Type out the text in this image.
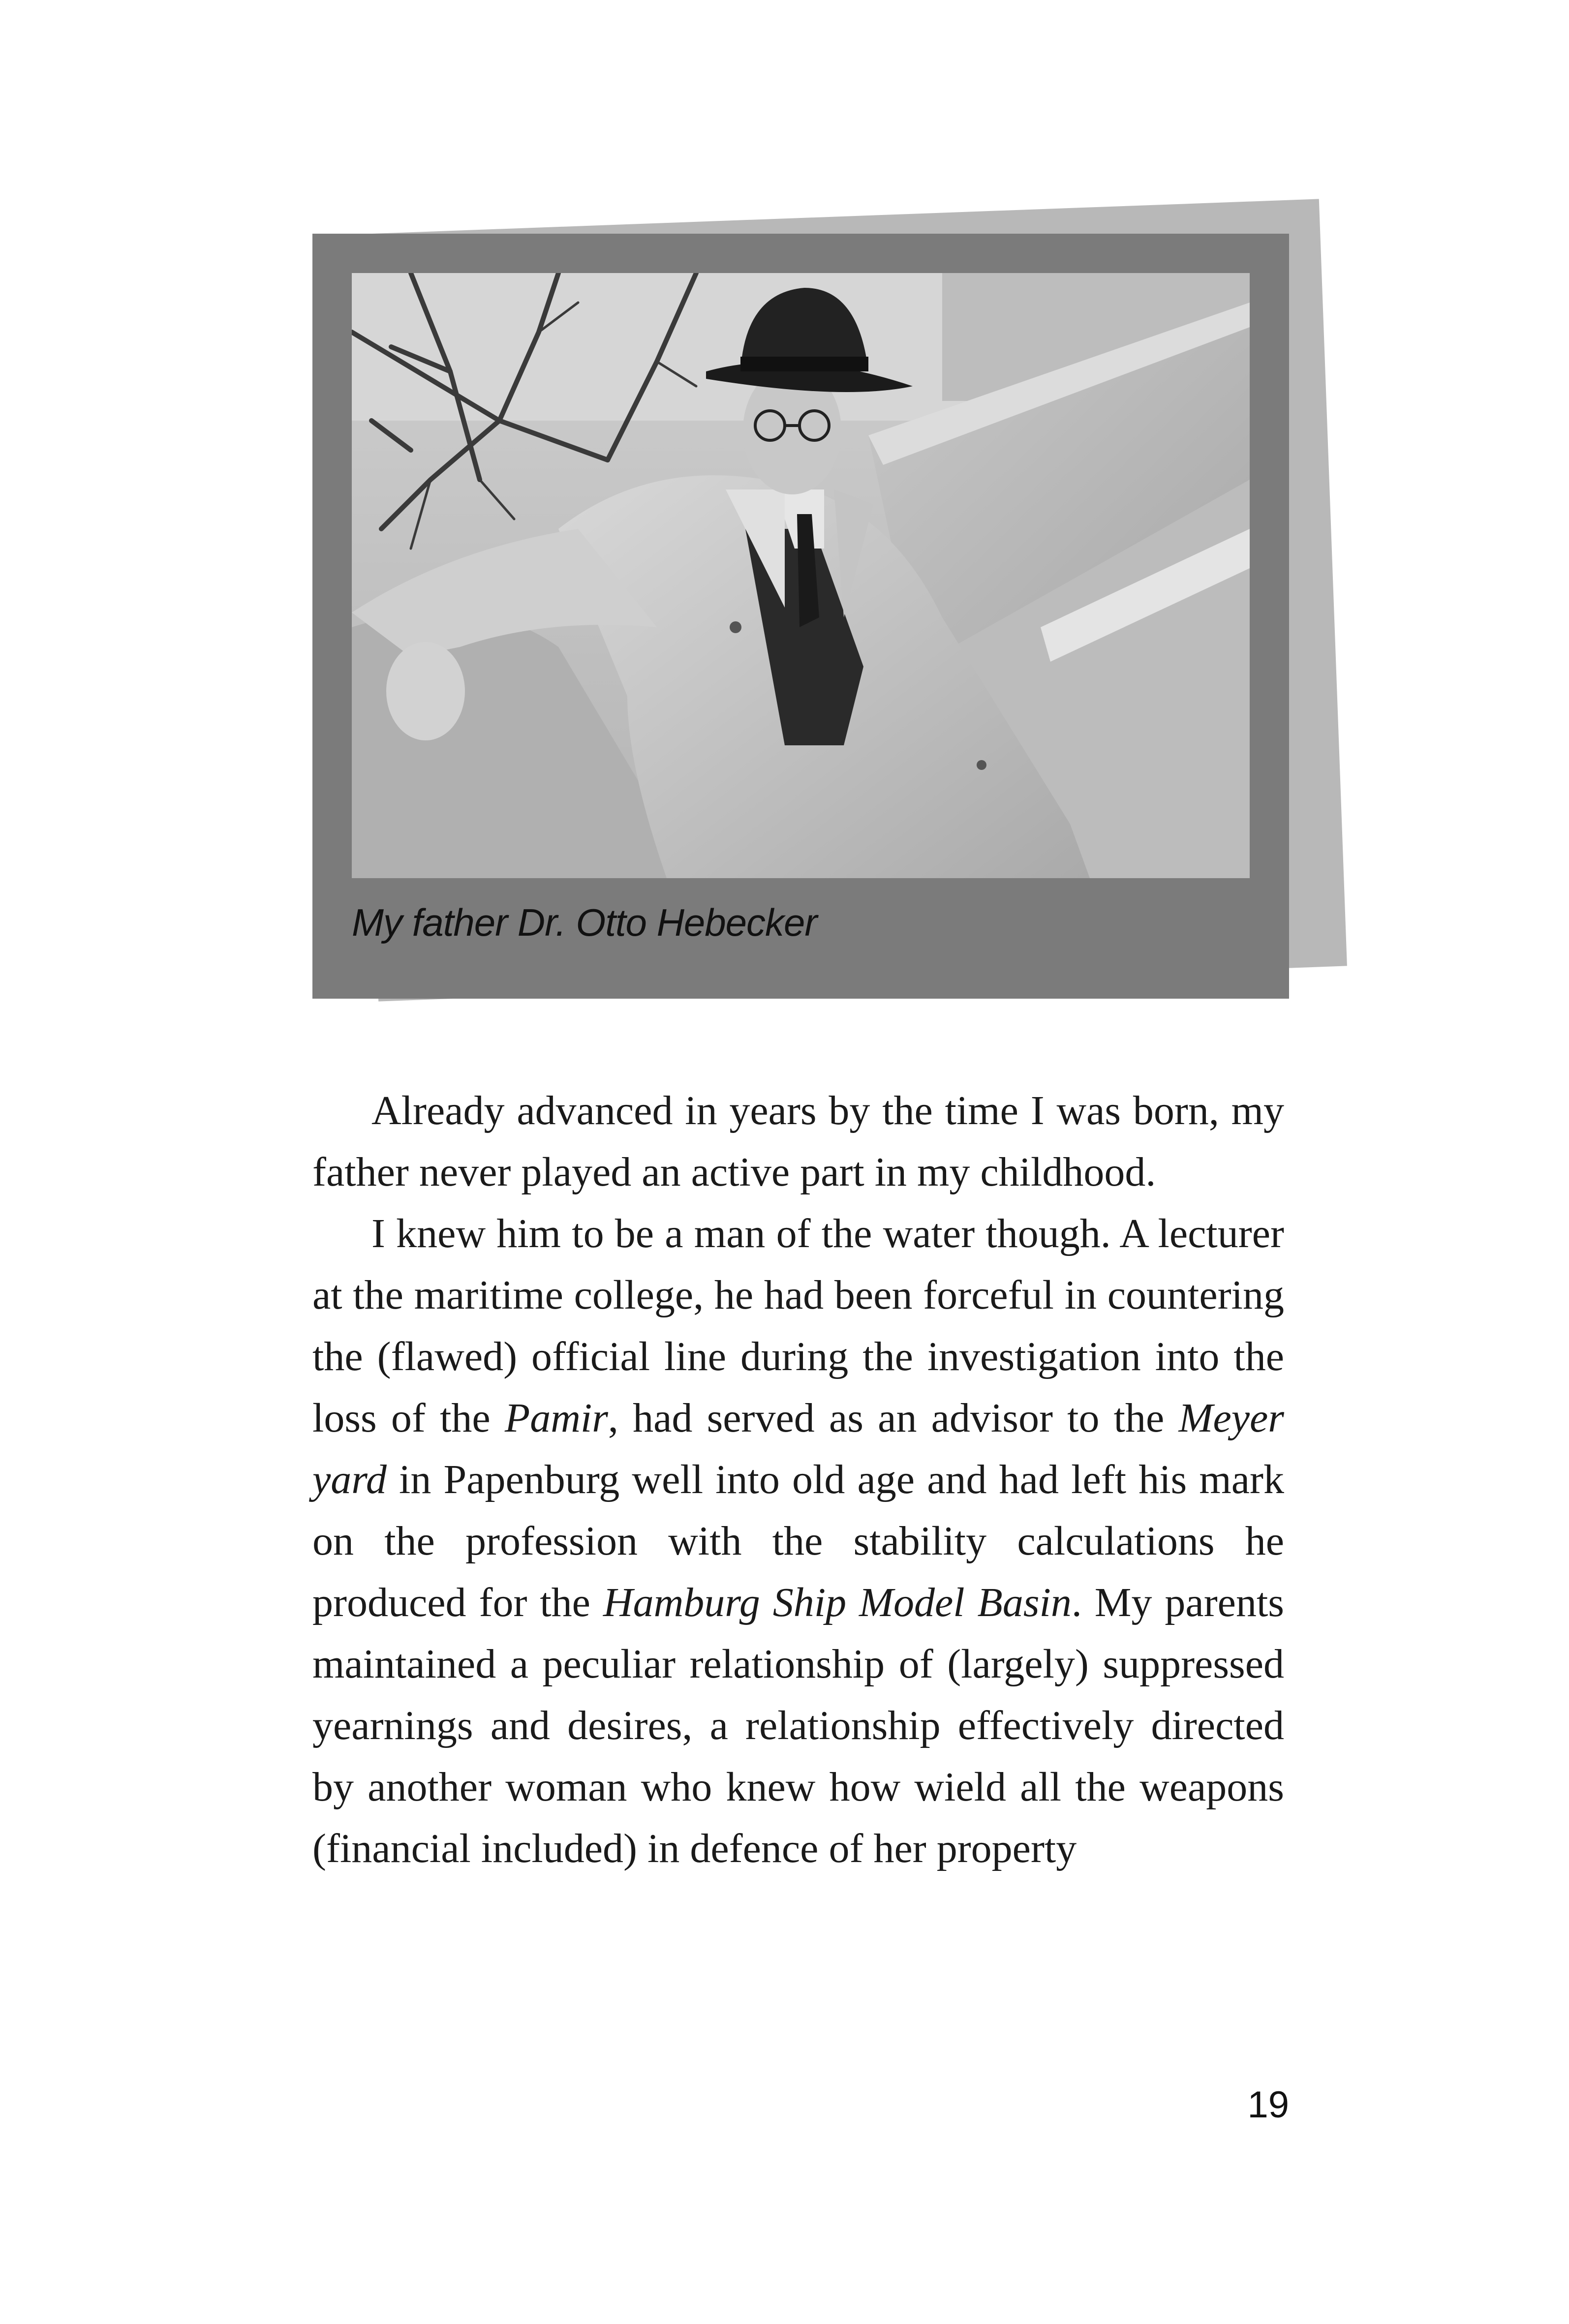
My father Dr. Otto Hebecker

Already advanced in years by the time I was born, my father never played an active part in my childhood.

I knew him to be a man of the water though. A lecturer at the maritime college, he had been forceful in countering the (flawed) official line during the investigation into the loss of the Pamir, had served as an advisor to the Meyer yard in Papenburg well into old age and had left his mark on the profession with the stability calculations he produced for the Hamburg Ship Model Basin. My parents maintained a peculiar relationship of (largely) suppressed yearnings and desires, a relationship effectively directed by another woman who knew how wield all the weapons (financial included) in defence of her property

19
